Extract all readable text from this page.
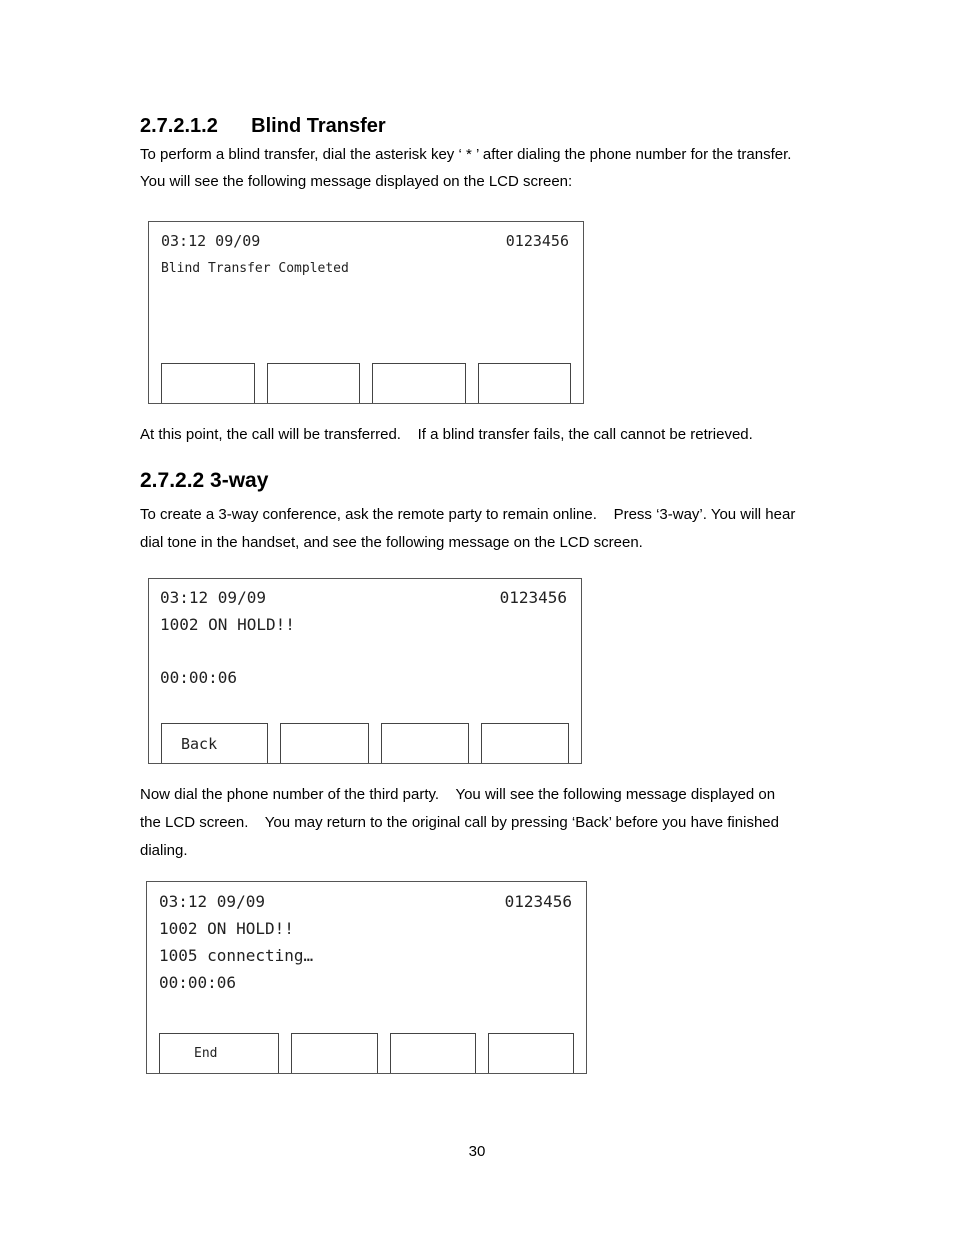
2.7.2.1.2      Blind Transfer

To perform a blind transfer, dial the asterisk key ‘ * ’ after dialing the phone number for the transfer.

You will see the following message displayed on the LCD screen:

03:12 09/09	0123456
Blind Transfer Completed

At this point, the call will be transferred.    If a blind transfer fails, the call cannot be retrieved.

2.7.2.2 3-way

To create a 3-way conference, ask the remote party to remain online.    Press ‘3-way’. You will hear

dial tone in the handset, and see the following message on the LCD screen.

03:12 09/09	0123456
1002 ON HOLD!!
00:00:06
Back

Now dial the phone number of the third party.    You will see the following message displayed on

the LCD screen.    You may return to the original call by pressing ‘Back’ before you have finished

dialing.

03:12 09/09	0123456
1002 ON HOLD!!
1005 connecting…
00:00:06
End
30
